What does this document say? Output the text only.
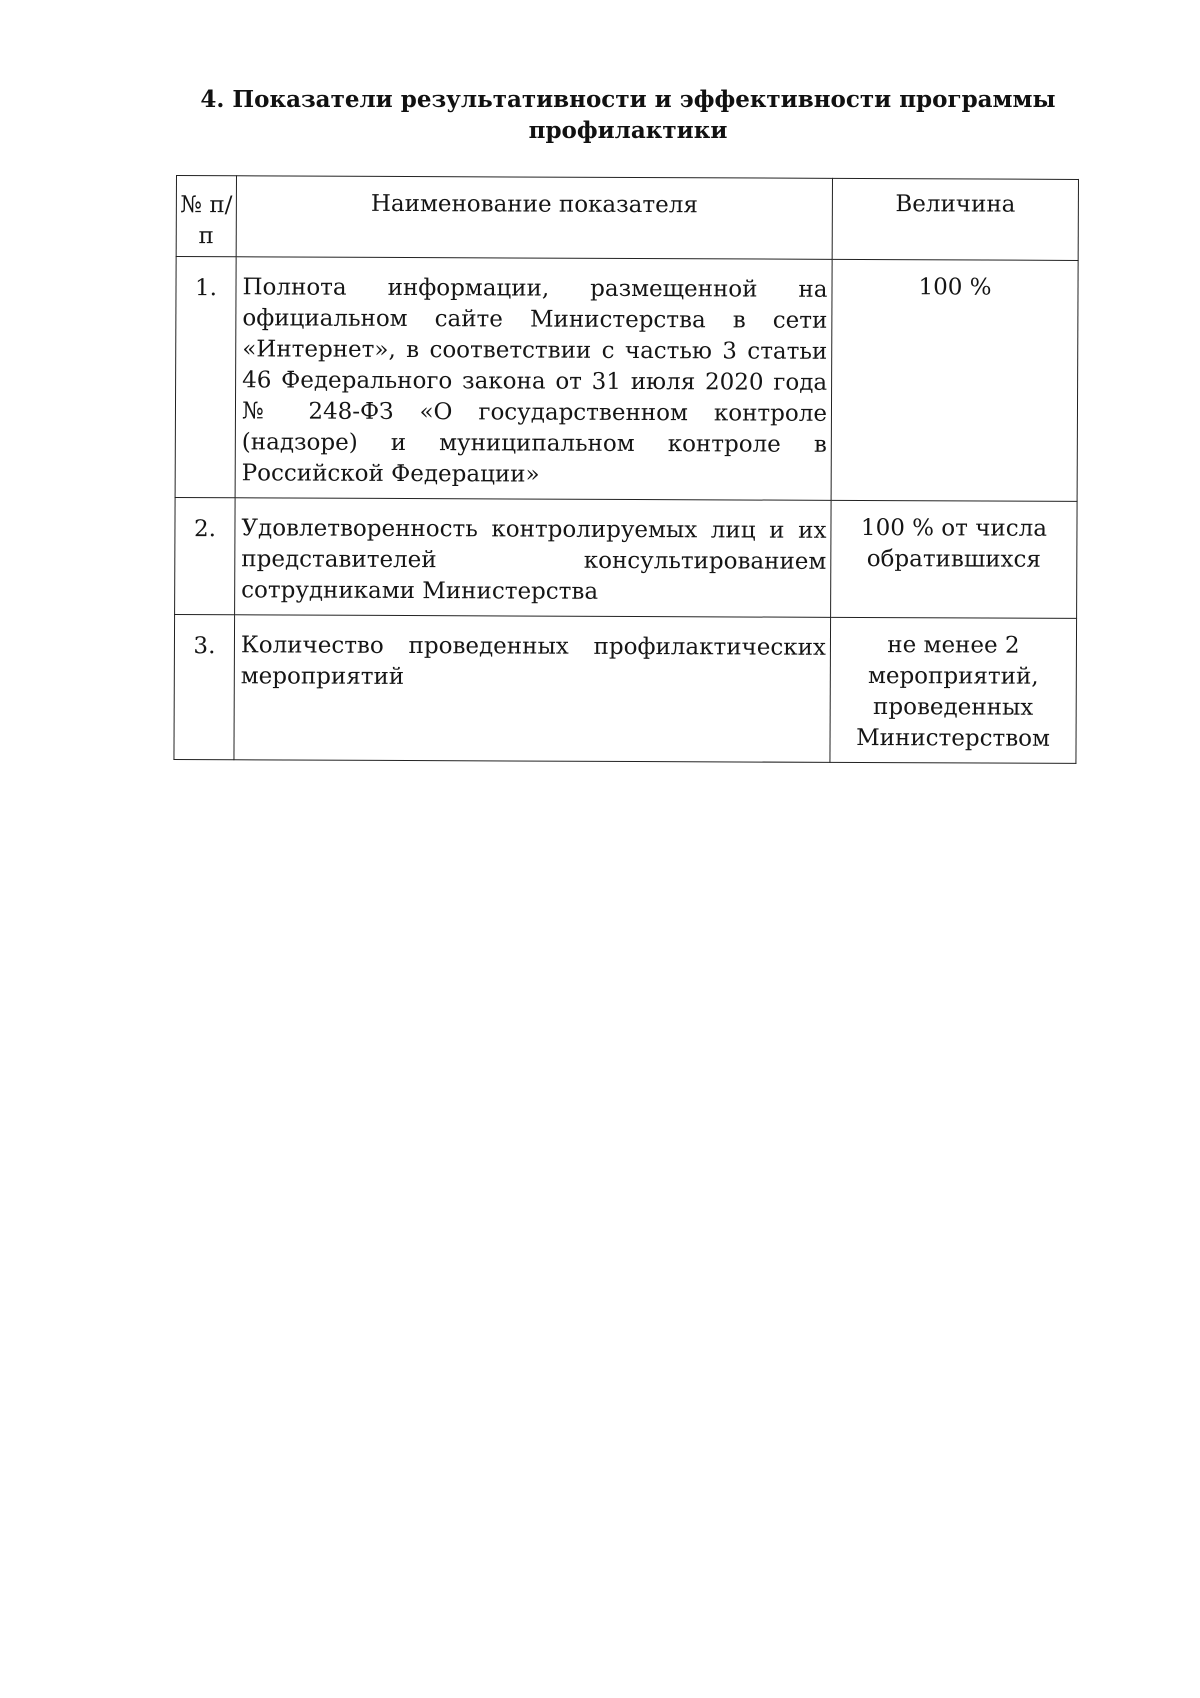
4. Показатели результативности и эффективности программы
профилактики
№ п/п	Наименование показателя	Величина
1.	Полнота информации, размещенной на официальном сайте Министерства в сети «Интернет», в соответствии с частью 3 статьи 46 Федерального закона от 31 июля 2020 года № 248-ФЗ «О государственном контроле (надзоре) и муниципальном контроле в Российской Федерации»	100 %
2.	Удовлетворенность контролируемых лиц и их представителей консультированием сотрудниками Министерства	100 % от числа обратившихся
3.	Количество проведенных профилактических мероприятий	не менее 2 мероприятий, проведенных Министерством
